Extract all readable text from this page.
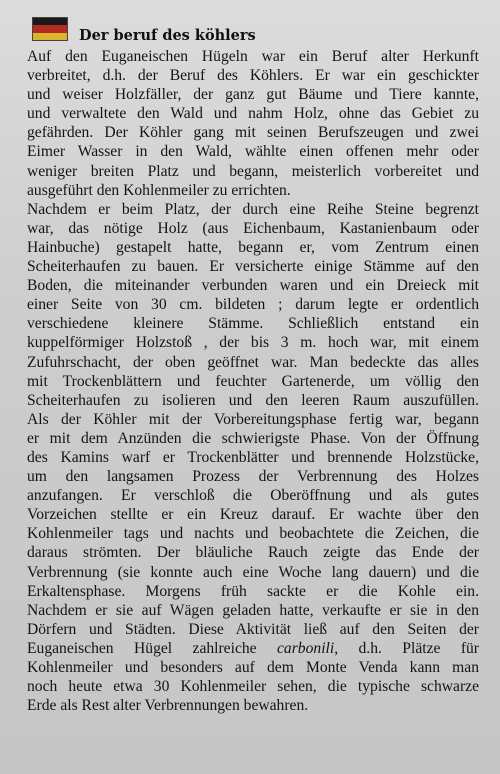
Der beruf des köhlers
Auf den Euganeischen Hügeln war ein Beruf alter Herkunft
verbreitet, d.h. der Beruf des Köhlers. Er war ein geschickter
und weiser Holzfäller, der ganz gut Bäume und Tiere kannte,
und verwaltete den Wald und nahm Holz, ohne das Gebiet zu
gefährden. Der Köhler gang mit seinen Berufszeugen und zwei
Eimer Wasser in den Wald, wählte einen offenen mehr oder
weniger breiten Platz und begann, meisterlich vorbereitet und
ausgeführt den Kohlenmeiler zu errichten.
Nachdem er beim Platz, der durch eine Reihe Steine begrenzt
war, das nötige Holz (aus Eichenbaum, Kastanienbaum oder
Hainbuche) gestapelt hatte, begann er, vom Zentrum einen
Scheiterhaufen zu bauen. Er versicherte einige Stämme auf den
Boden, die miteinander verbunden waren und ein Dreieck mit
einer Seite von 30 cm. bildeten ; darum legte er ordentlich
verschiedene kleinere Stämme. Schließlich entstand ein
kuppelförmiger Holzstoß , der bis 3 m. hoch war, mit einem
Zufuhrschacht, der oben geöffnet war. Man bedeckte das alles
mit Trockenblättern und feuchter Gartenerde, um völlig den
Scheiterhaufen zu isolieren und den leeren Raum auszufüllen.
Als der Köhler mit der Vorbereitungsphase fertig war, begann
er mit dem Anzünden die schwierigste Phase. Von der Öffnung
des Kamins warf er Trockenblätter und brennende Holzstücke,
um den langsamen Prozess der Verbrennung des Holzes
anzufangen. Er verschloß die Oberöffnung und als gutes
Vorzeichen stellte er ein Kreuz darauf. Er wachte über den
Kohlenmeiler tags und nachts und beobachtete die Zeichen, die
daraus strömten. Der bläuliche Rauch zeigte das Ende der
Verbrennung (sie konnte auch eine Woche lang dauern) und die
Erkaltensphase. Morgens früh sackte er die Kohle ein.
Nachdem er sie auf Wägen geladen hatte, verkaufte er sie in den
Dörfern und Städten. Diese Aktivität ließ auf den Seiten der
Euganeischen Hügel zahlreiche carbonili, d.h. Plätze für
Kohlenmeiler und besonders auf dem Monte Venda kann man
noch heute etwa 30 Kohlenmeiler sehen, die typische schwarze
Erde als Rest alter Verbrennungen bewahren.
